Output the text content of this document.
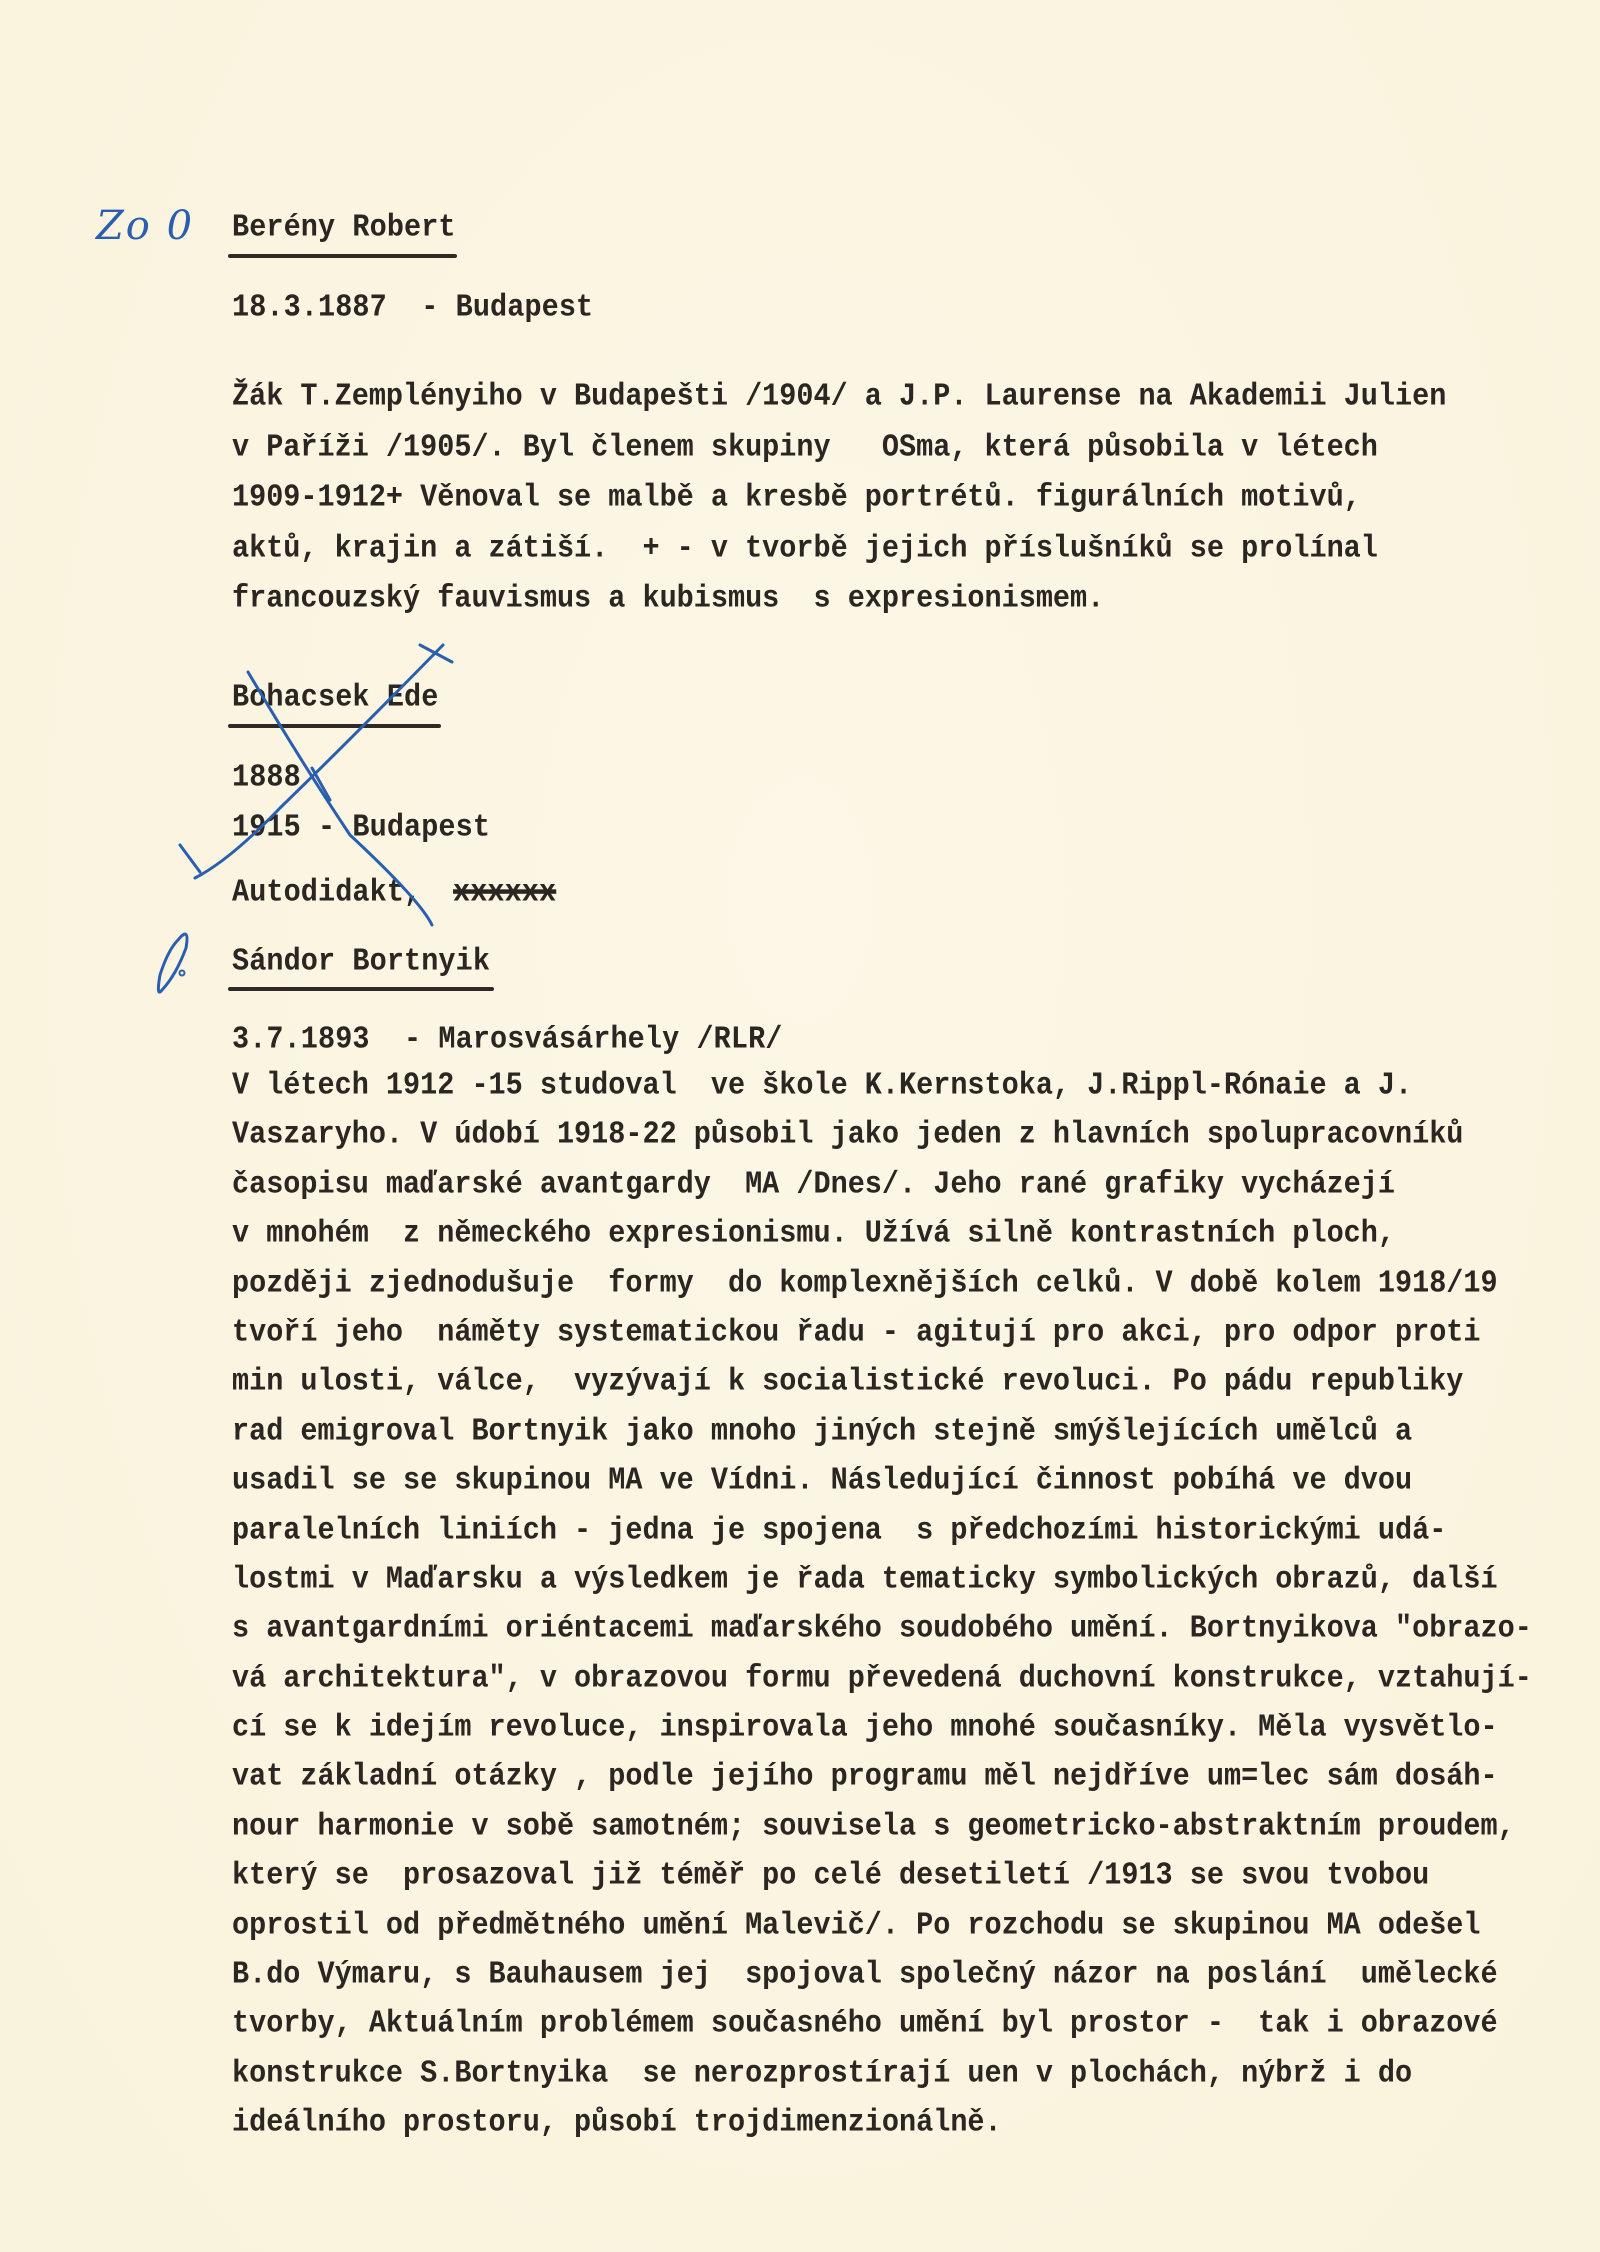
Zo 0 Berény Robert
18.3.1887  - Budapest
Žák T.Zemplényiho v Budapešti /1904/ a J.P. Laurense na Akademii Julien
v Paříži /1905/. Byl členem skupiny   OSma, která působila v létech
1909-1912+ Věnoval se malbě a kresbě portrétů. figurálních motivů,
aktů, krajin a zátiší.  + - v tvorbě jejich příslušníků se prolínal
francouzský fauvismus a kubismus  s expresionismem.
Bohacsek Ede
1888
1915 - Budapest
Autodidakt, xxxxxx
Sándor Bortnyik
3.7.1893  - Marosvásárhely /RLR/
V létech 1912 -15 studoval  ve škole K.Kernstoka, J.Rippl-Rónaie a J.
Vaszaryho. V údobí 1918-22 působil jako jeden z hlavních spolupracovníků
časopisu maďarské avantgardy  MA /Dnes/. Jeho rané grafiky vycházejí
v mnohém  z německého expresionismu. Užívá silně kontrastních ploch,
později zjednodušuje  formy  do komplexnějších celků. V době kolem 1918/19
tvoří jeho  náměty systematickou řadu - agitují pro akci, pro odpor proti
min ulosti, válce,  vyzývají k socialistické revoluci. Po pádu republiky
rad emigroval Bortnyik jako mnoho jiných stejně smýšlejících umělců a
usadil se se skupinou MA ve Vídni. Následující činnost pobíhá ve dvou
paralelních liniích - jedna je spojena  s předchozími historickými udá-
lostmi v Maďarsku a výsledkem je řada tematicky symbolických obrazů, další
s avantgardními oriéntacemi maďarského soudobého umění. Bortnyikova "obrazo-
vá architektura", v obrazovou formu převedená duchovní konstrukce, vztahují-
cí se k idejím revoluce, inspirovala jeho mnohé současníky. Měla vysvětlo-
vat základní otázky , podle jejího programu měl nejdříve um=lec sám dosáh-
nour harmonie v sobě samotném; souvisela s geometricko-abstraktním proudem,
který se  prosazoval již téměř po celé desetiletí /1913 se svou tvobou
oprostil od předmětného umění Malevič/. Po rozchodu se skupinou MA odešel
B.do Výmaru, s Bauhausem jej  spojoval společný názor na poslání  umělecké
tvorby, Aktuálním problémem současného umění byl prostor -  tak i obrazové
konstrukce S.Bortnyika  se nerozprostírají uen v plochách, nýbrž i do
ideálního prostoru, působí trojdimenzionálně.
